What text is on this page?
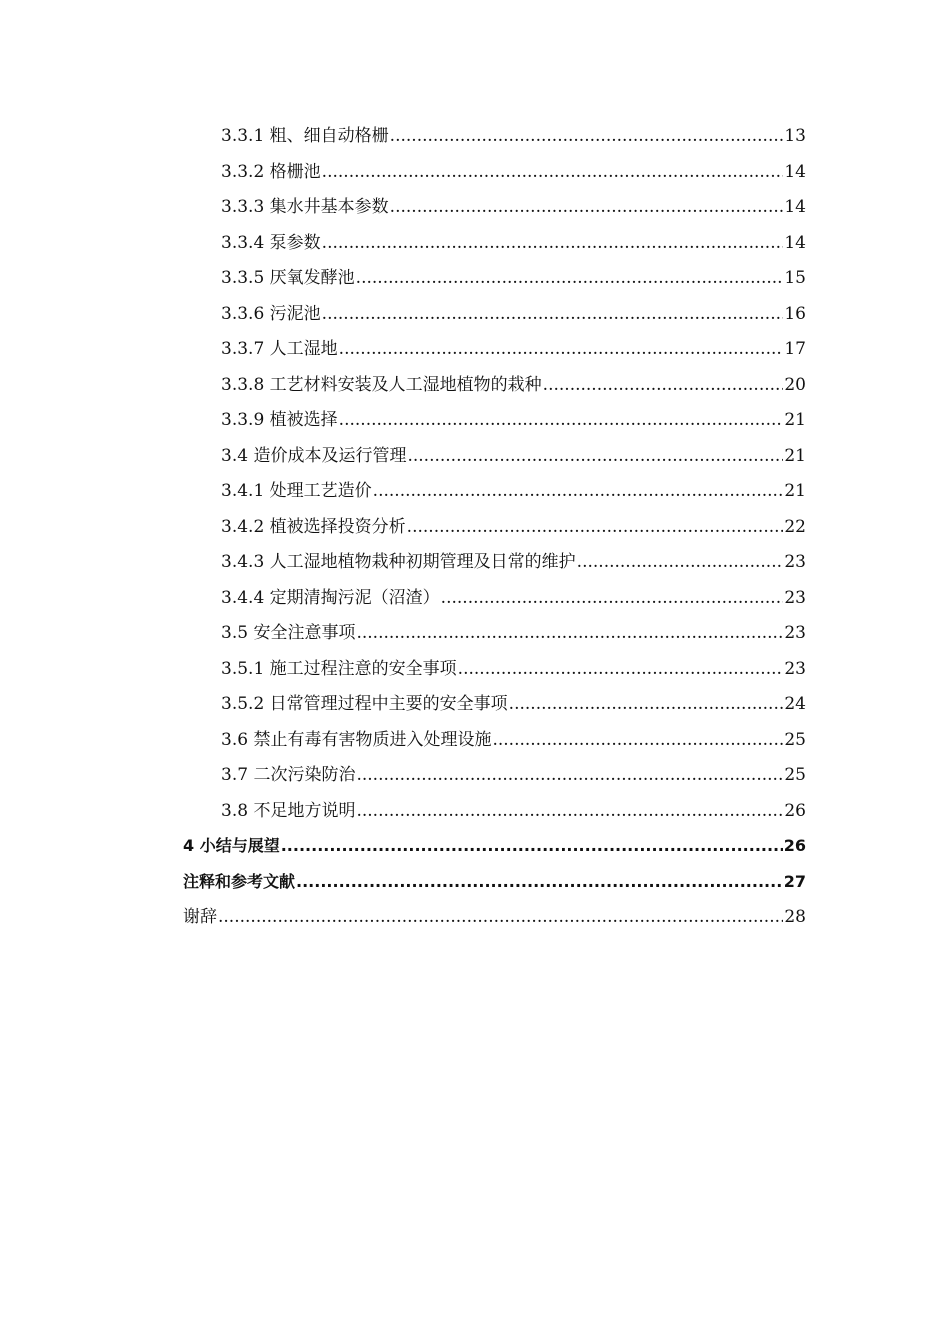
3.3.1 粗、细自动格栅 .....	13
3.3.2 格栅池 .....	14
3.3.3 集水井基本参数 .....	14
3.3.4 泵参数 .....	14
3.3.5 厌氧发酵池 .....	15
3.3.6 污泥池 .....	16
3.3.7 人工湿地 .....	17
3.3.8 工艺材料安装及人工湿地植物的栽种 .....	20
3.3.9 植被选择 .....	21
3.4 造价成本及运行管理 .....	21
3.4.1 处理工艺造价 .....	21
3.4.2 植被选择投资分析 .....	22
3.4.3 人工湿地植物栽种初期管理及日常的维护 .....	23
3.4.4 定期清掏污泥（沼渣） .....	23
3.5 安全注意事项 .....	23
3.5.1 施工过程注意的安全事项 .....	23
3.5.2 日常管理过程中主要的安全事项 .....	24
3.6 禁止有毒有害物质进入处理设施 .....	25
3.7 二次污染防治 .....	25
3.8 不足地方说明 .....	26
4 小结与展望 .....	26
注释和参考文献 .....	27
谢辞 .....	28
